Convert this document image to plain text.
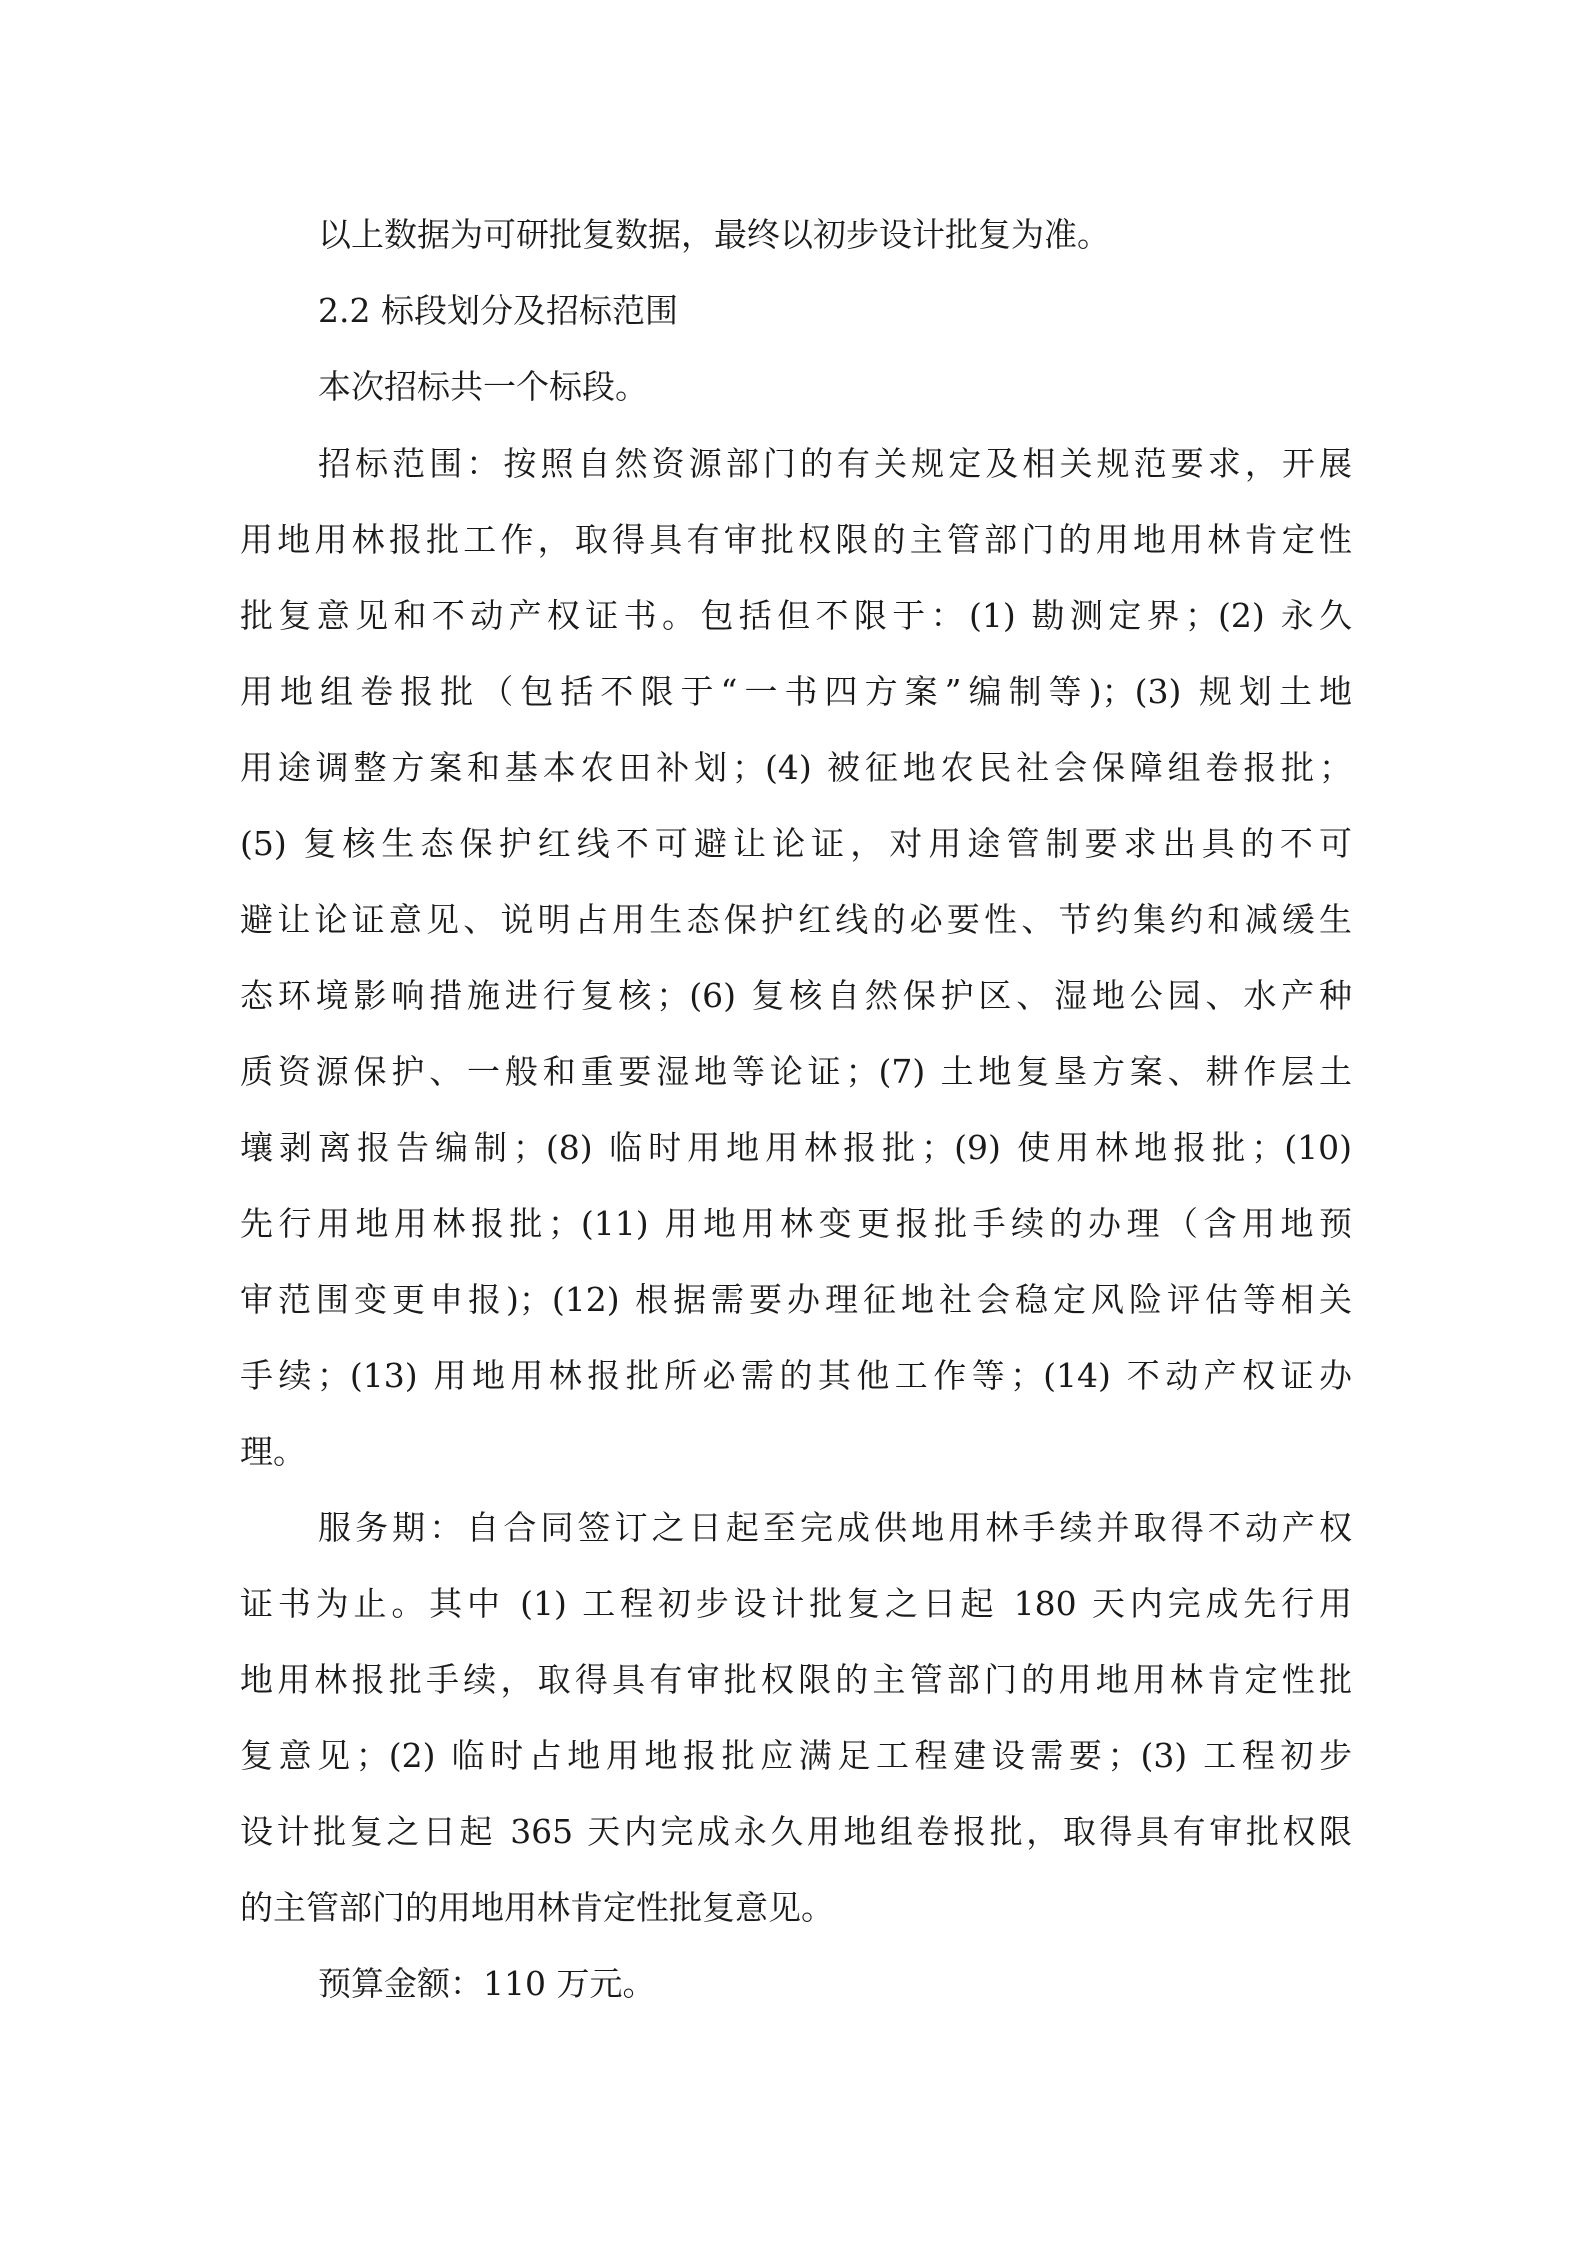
以上数据为可研批复数据，最终以初步设计批复为准。
2.2 标段划分及招标范围
本次招标共一个标段。
招标范围：按照自然资源部门的有关规定及相关规范要求，开展
用地用林报批工作，取得具有审批权限的主管部门的用地用林肯定性
批复意见和不动产权证书。包括但不限于：(1) 勘测定界；(2) 永久
用地组卷报批（包括不限于“一书四方案”编制等)；(3) 规划土地
用途调整方案和基本农田补划；(4) 被征地农民社会保障组卷报批；
(5) 复核生态保护红线不可避让论证，对用途管制要求出具的不可
避让论证意见、说明占用生态保护红线的必要性、节约集约和减缓生
态环境影响措施进行复核；(6) 复核自然保护区、湿地公园、水产种
质资源保护、一般和重要湿地等论证；(7) 土地复垦方案、耕作层土
壤剥离报告编制；(8) 临时用地用林报批；(9) 使用林地报批；(10)
先行用地用林报批；(11) 用地用林变更报批手续的办理（含用地预
审范围变更申报)；(12) 根据需要办理征地社会稳定风险评估等相关
手续；(13) 用地用林报批所必需的其他工作等；(14) 不动产权证办
理。
服务期：自合同签订之日起至完成供地用林手续并取得不动产权
证书为止。其中 (1) 工程初步设计批复之日起 180 天内完成先行用
地用林报批手续，取得具有审批权限的主管部门的用地用林肯定性批
复意见；(2) 临时占地用地报批应满足工程建设需要；(3) 工程初步
设计批复之日起 365 天内完成永久用地组卷报批，取得具有审批权限
的主管部门的用地用林肯定性批复意见。
预算金额：110 万元。
